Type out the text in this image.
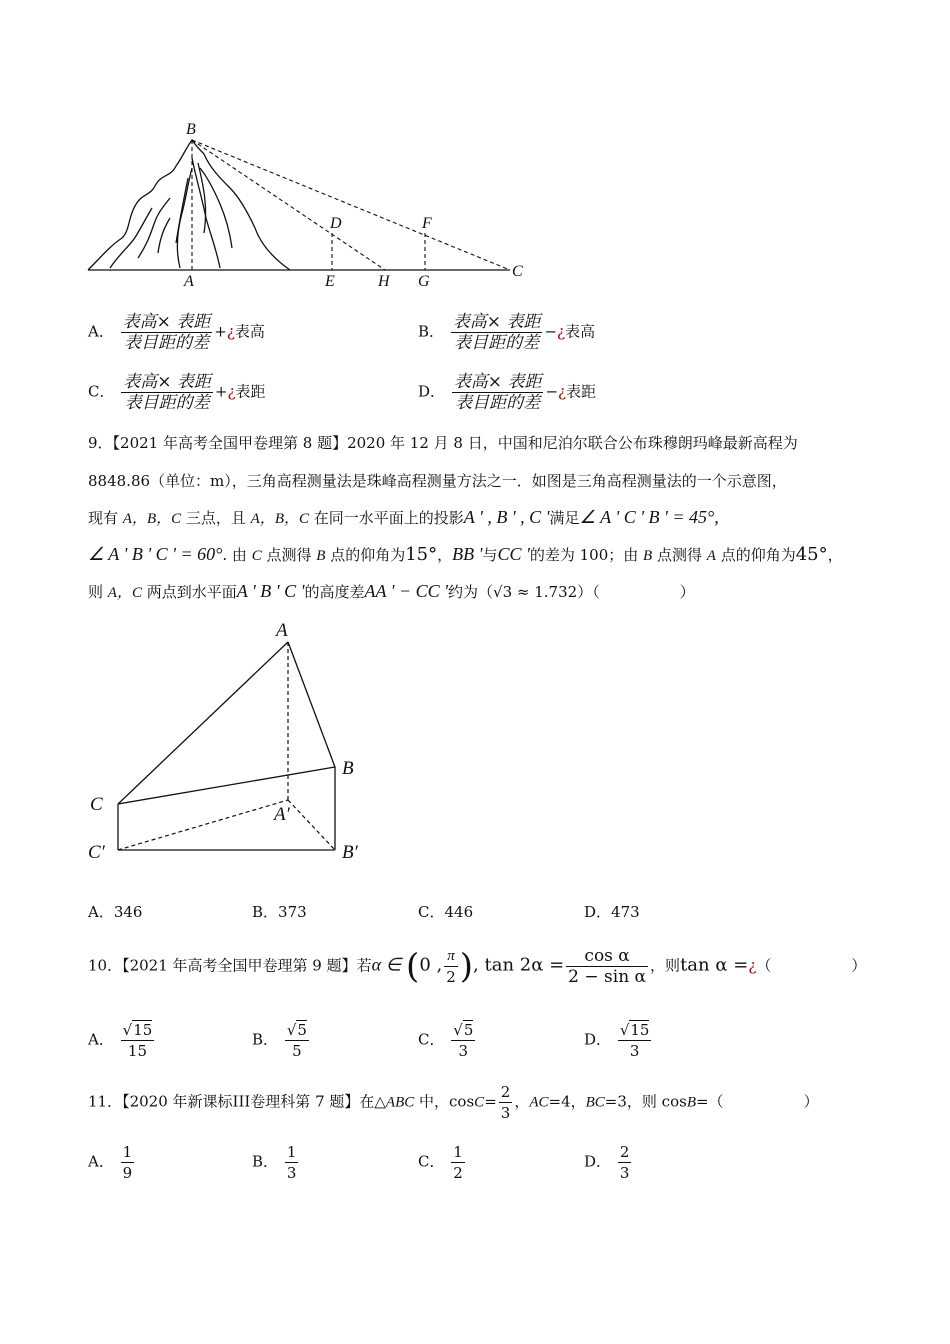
B
D	F
A	E	H G
C
A． $\frac{\text{表高× 表距}}{\text{表目距的差}}$ +¿表高	B． $\frac{\text{表高× 表距}}{\text{表目距的差}}$ −¿表高
C． $\frac{\text{表高× 表距}}{\text{表目距的差}}$ +¿表距	D． $\frac{\text{表高× 表距}}{\text{表目距的差}}$ −¿表距
9．【2021 年高考全国甲卷理第 8 题】2020 年 12 月 8 日，中国和尼泊尔联合公布珠穆朗玛峰最新高程为
8848.86（单位：m），三角高程测量法是珠峰高程测量方法之一．如图是三角高程测量法的一个示意图，
现有 A，B，C 三点，且 A，B，C 在同一水平面上的投影A ' , B ' , C '满足∠ A ' C ' B ' = 45°,
∠ A ' B ' C ' = 60°. 由 C 点测得 B 点的仰角为15°，BB '与CC '的差为 100；由 B 点测得 A 点的仰角为45°，
则 A，C 两点到水平面A ' B ' C '的高度差AA ' − CC '约为（√3 ≈ 1.732）（	）
A
B
C	A′
B′
C′
A．346	B．373	C．446	D．473
10．【2021 年高考全国甲卷理第 9 题】若α ∈ (0 , $\frac{\pi}{2}$ ), $\tan 2\alpha = \frac{\text{cos α}}{\text{2 − sin α}}$ ，则tan α =¿（	）
A． $\frac{√15}{15}$	B． $\frac{√5}{5}$	C． $\frac{√5}{3}$	D． $\frac{√15}{3}$
11．【2020 年新课标III卷理科第 7 题】在△ABC 中，$\cos C= \frac{2}{3}$ ，AC=4，BC=3，则 cosB=（	）
A． $\frac{1}{9}$	B． $\frac{1}{3}$	C． $\frac{1}{2}$	D． $\frac{2}{3}$
